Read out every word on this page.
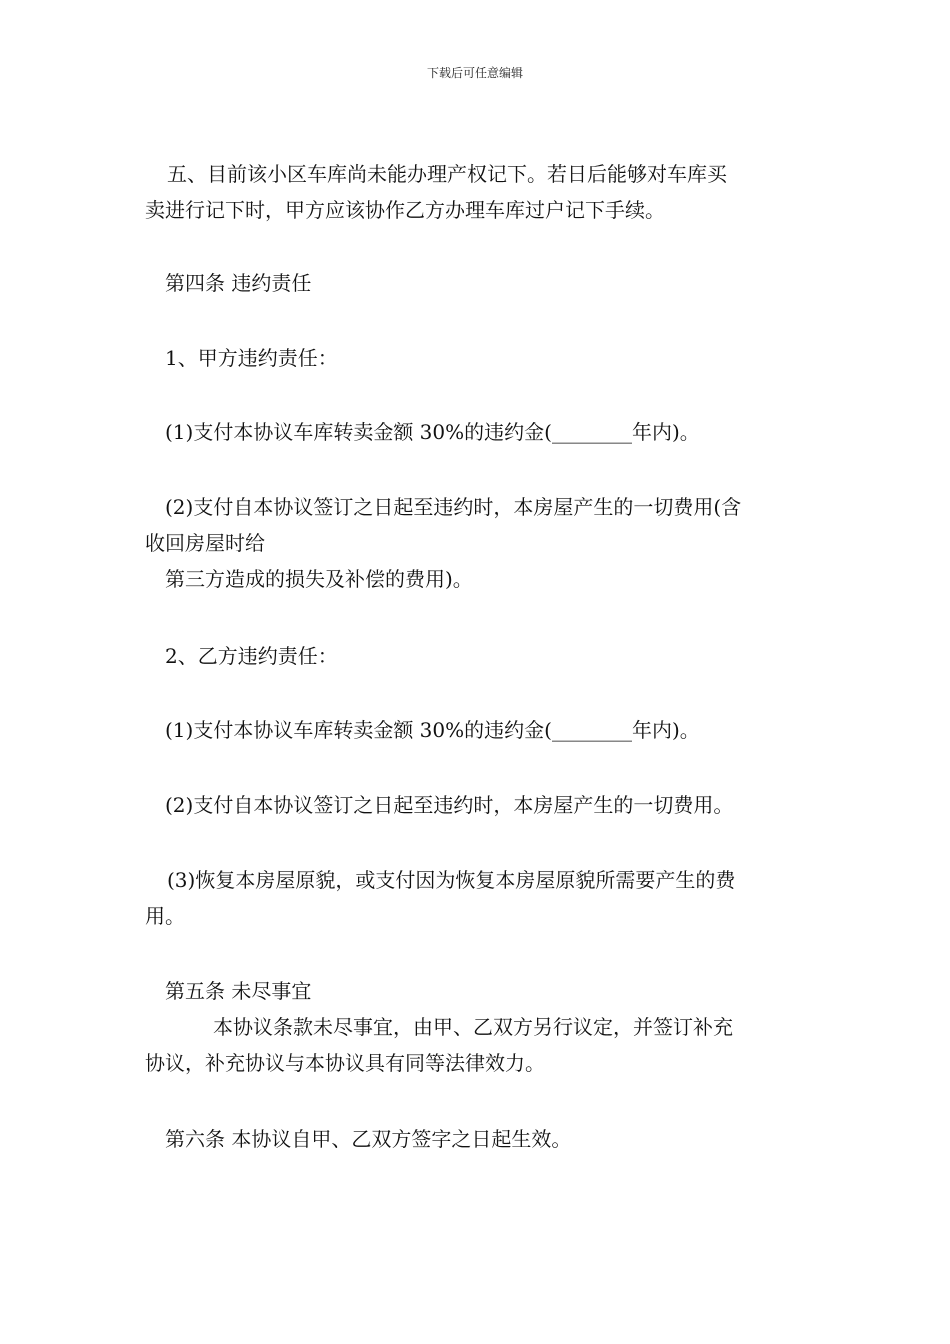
下载后可任意编辑
五、目前该小区车库尚未能办理产权记下。若日后能够对车库买
卖进行记下时，甲方应该协作乙方办理车库过户记下手续。
第四条 违约责任
1、甲方违约责任：
(1)支付本协议车库转卖金额 30%的违约金(________年内)。
(2)支付自本协议签订之日起至违约时，本房屋产生的一切费用(含
收回房屋时给
第三方造成的损失及补偿的费用)。
2、乙方违约责任：
(1)支付本协议车库转卖金额 30%的违约金(________年内)。
(2)支付自本协议签订之日起至违约时，本房屋产生的一切费用。
(3)恢复本房屋原貌，或支付因为恢复本房屋原貌所需要产生的费
用。
第五条 未尽事宜
本协议条款未尽事宜，由甲、乙双方另行议定，并签订补充
协议，补充协议与本协议具有同等法律效力。
第六条 本协议自甲、乙双方签字之日起生效。
